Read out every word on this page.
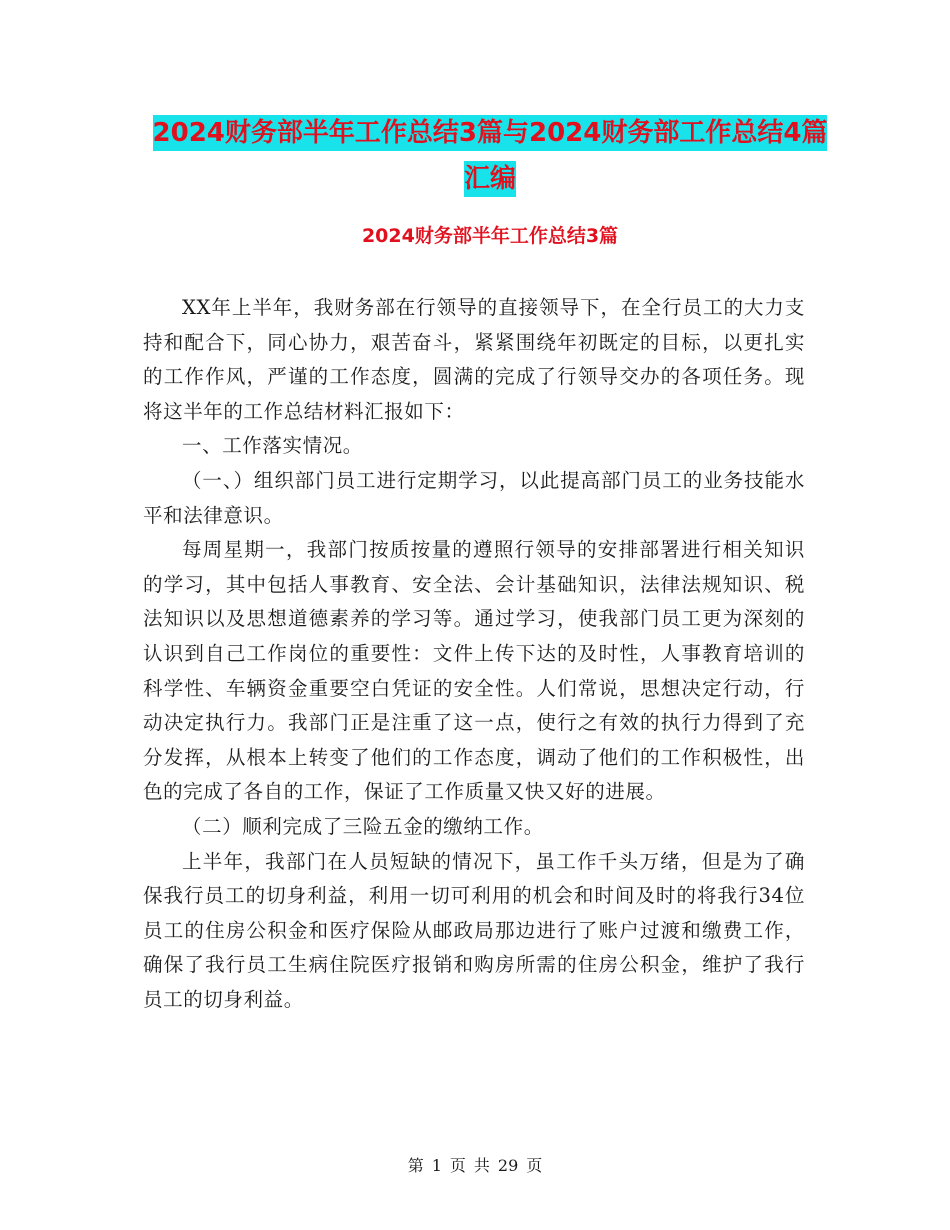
2024财务部半年工作总结3篇与2024财务部工作总结4篇汇编
2024财务部半年工作总结3篇

XX年上半年，我财务部在行领导的直接领导下，在全行员工的大力支持和配合下，同心协力，艰苦奋斗，紧紧围绕年初既定的目标，以更扎实的工作作风，严谨的工作态度，圆满的完成了行领导交办的各项任务。现将这半年的工作总结材料汇报如下：

一、工作落实情况。

（一、）组织部门员工进行定期学习，以此提高部门员工的业务技能水平和法律意识。

每周星期一，我部门按质按量的遵照行领导的安排部署进行相关知识的学习，其中包括人事教育、安全法、会计基础知识，法律法规知识、税法知识以及思想道德素养的学习等。通过学习，使我部门员工更为深刻的认识到自己工作岗位的重要性：文件上传下达的及时性，人事教育培训的科学性、车辆资金重要空白凭证的安全性。人们常说，思想决定行动，行动决定执行力。我部门正是注重了这一点，使行之有效的执行力得到了充分发挥，从根本上转变了他们的工作态度，调动了他们的工作积极性，出色的完成了各自的工作，保证了工作质量又快又好的进展。

（二）顺利完成了三险五金的缴纳工作。

上半年，我部门在人员短缺的情况下，虽工作千头万绪，但是为了确保我行员工的切身利益，利用一切可利用的机会和时间及时的将我行34位员工的住房公积金和医疗保险从邮政局那边进行了账户过渡和缴费工作，确保了我行员工生病住院医疗报销和购房所需的住房公积金，维护了我行员工的切身利益。

第 1 页 共 29 页
